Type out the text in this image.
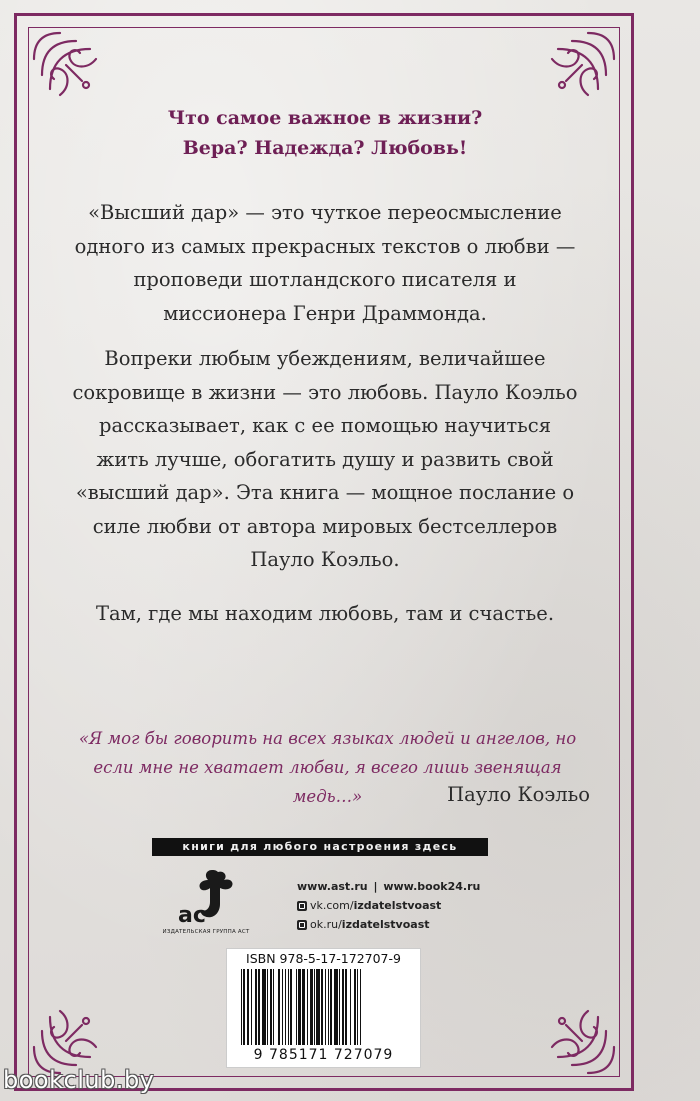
Что самое важное в жизни?
Вера? Надежда? Любовь!
«Высший дар» — это чуткое переосмысление одного из самых прекрасных текстов о любви — проповеди шотландского писателя и миссионера Генри Драммонда.
Вопреки любым убеждениям, величайшее сокровище в жизни — это любовь. Пауло Коэльо рассказывает, как с ее помощью научиться жить лучше, обогатить душу и развить свой «высший дар». Эта книга — мощное послание о силе любви от автора мировых бестселлеров Пауло Коэльо.
Там, где мы находим любовь, там и счастье.
«Я мог бы говорить на всех языках людей и ангелов, но если мне не хватает любви, я всего лишь звенящая медь…»	Пауло Коэльо
книги для любого настроения здесь
ас
ИЗДАТЕЛЬСКАЯ ГРУППА АСТ
www.ast.ru | www.book24.ru
vk.com/izdatelstvoast
ok.ru/izdatelstvoast
ISBN 978-5-17-172707-9
9 785171 727079
bookclub.by
